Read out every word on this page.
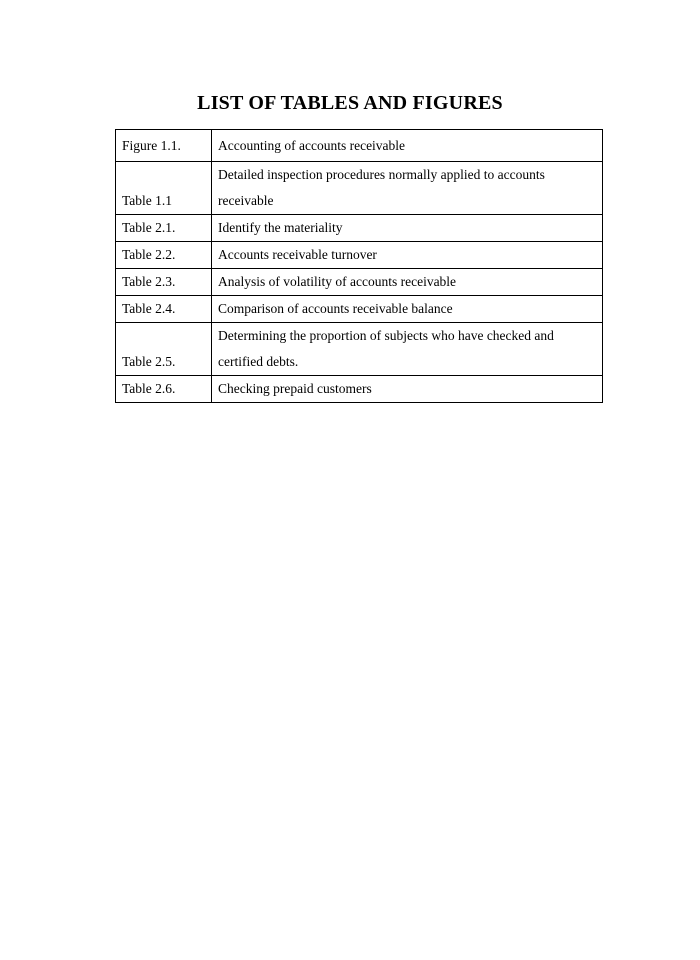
LIST OF TABLES AND FIGURES
Figure 1.1.	Accounting of accounts receivable
Table 1.1	Detailed inspection procedures normally applied to accounts receivable
Table 2.1.	Identify the materiality
Table 2.2.	Accounts receivable turnover
Table 2.3.	Analysis of volatility of accounts receivable
Table 2.4.	Comparison of accounts receivable balance
Table 2.5.	Determining the proportion of subjects who have checked and certified debts.
Table 2.6.	Checking prepaid customers
